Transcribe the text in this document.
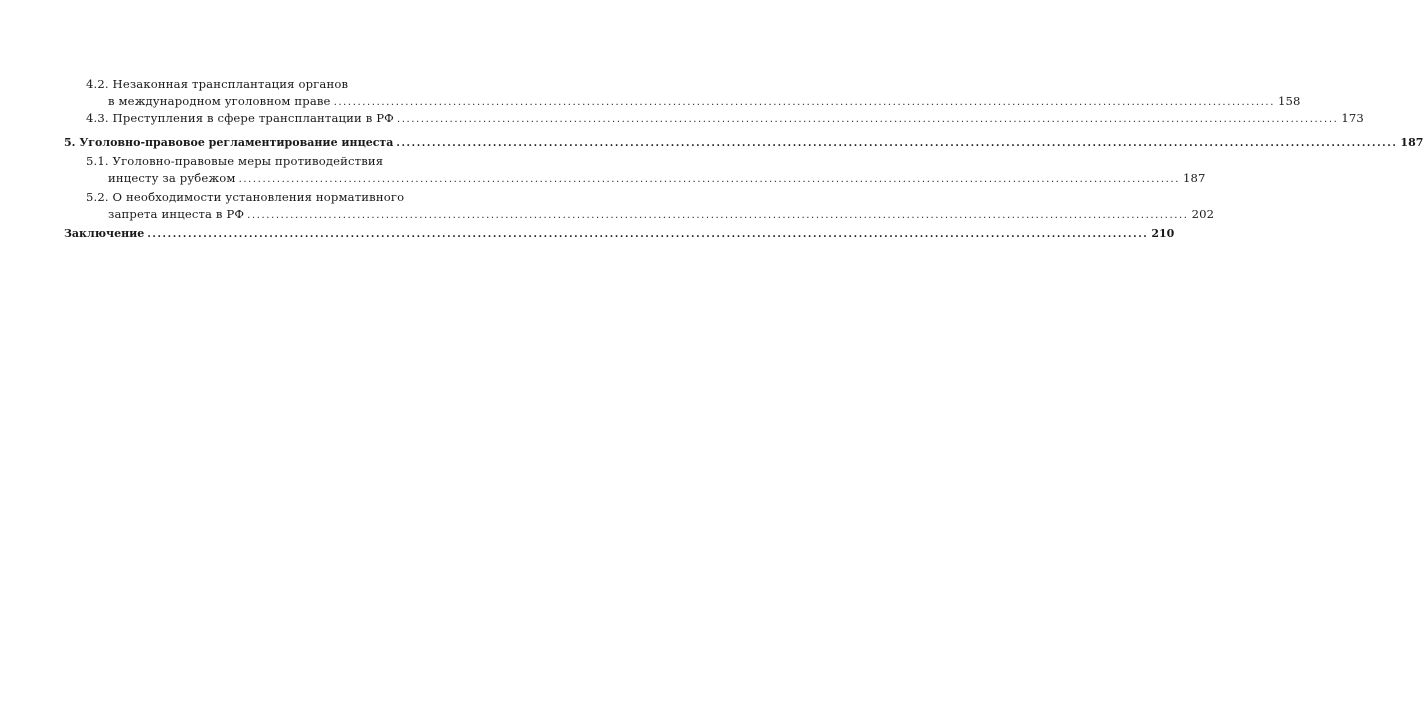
4.2. Незаконная трансплантация органов
в международном уголовном праве ..................................................................................................................................................................................................... 158
4.3. Преступления в сфере трансплантации в РФ ..................................................................................................................................................................................................... 173
5. Уголовно-правовое регламентирование инцеста ..................................................................................................................................................................................................... 187
5.1. Уголовно-правовые меры противодействия
инцесту за рубежом ..................................................................................................................................................................................................... 187
5.2. О необходимости установления нормативного
запрета инцеста в РФ ..................................................................................................................................................................................................... 202
Заключение ..................................................................................................................................................................................................... 210
